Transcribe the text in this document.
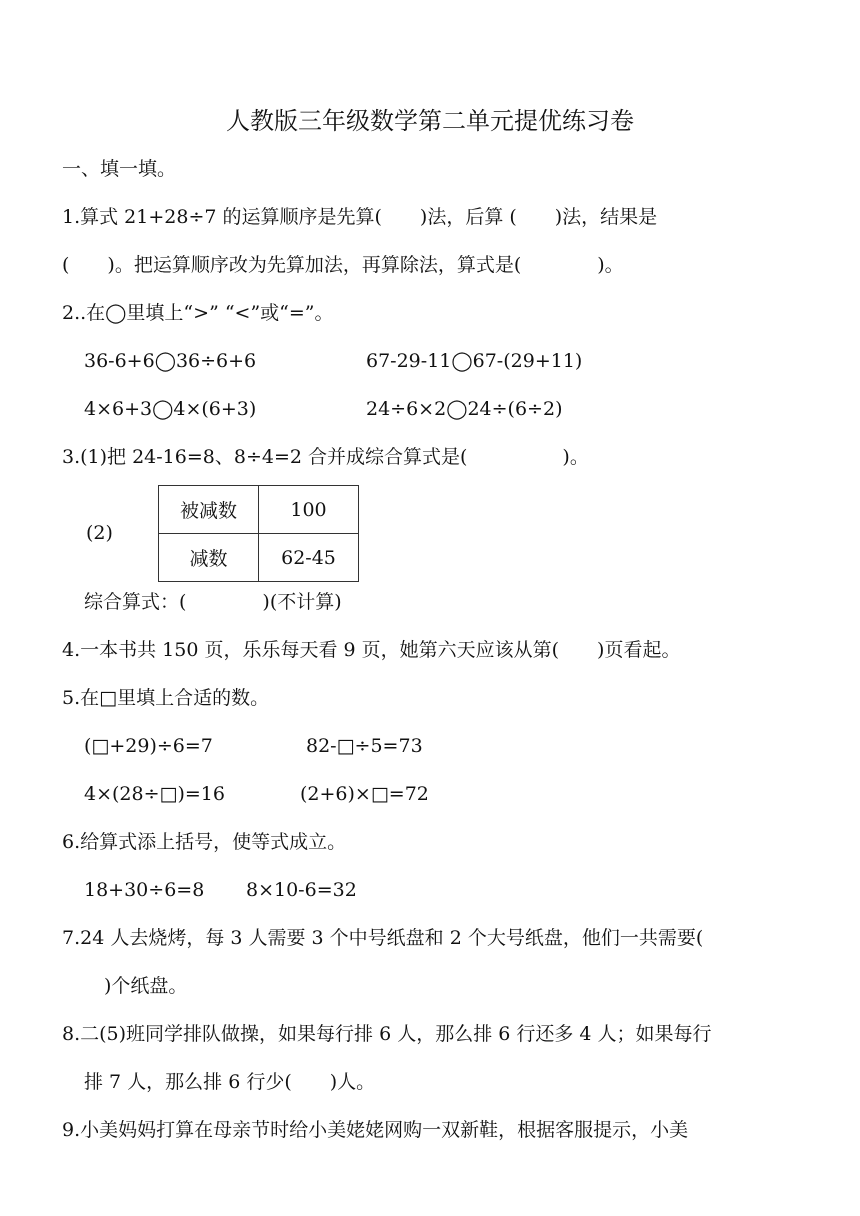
人教版三年级数学第二单元提优练习卷
一、填一填。
1.算式 21+28÷7 的运算顺序是先算(　　)法，后算 (　　)法，结果是
(　　)。把运算顺序改为先算加法，再算除法，算式是(　　　　)。
2..在◯里填上“>” “<”或“=”。
36-6+6◯36÷6+6	67-29-11◯67-(29+11)
4×6+3◯4×(6+3)	24÷6×2◯24÷(6÷2)
3.(1)把 24-16=8、8÷4=2 合并成综合算式是(　　　　　)。
(2)
被减数	100
减数	62-45
综合算式：(　　　　)(不计算)
4.一本书共 150 页，乐乐每天看 9 页，她第六天应该从第(　　)页看起。
5.在□里填上合适的数。
(□+29)÷6=7	82-□÷5=73
4×(28÷□)=16	(2+6)×□=72
6.给算式添上括号，使等式成立。
18+30÷6=8 8×10-6=32
7.24 人去烧烤，每 3 人需要 3 个中号纸盘和 2 个大号纸盘，他们一共需要(
)个纸盘。
8.二(5)班同学排队做操，如果每行排 6 人，那么排 6 行还多 4 人；如果每行
排 7 人，那么排 6 行少(　　)人。
9.小美妈妈打算在母亲节时给小美姥姥网购一双新鞋，根据客服提示，小美
